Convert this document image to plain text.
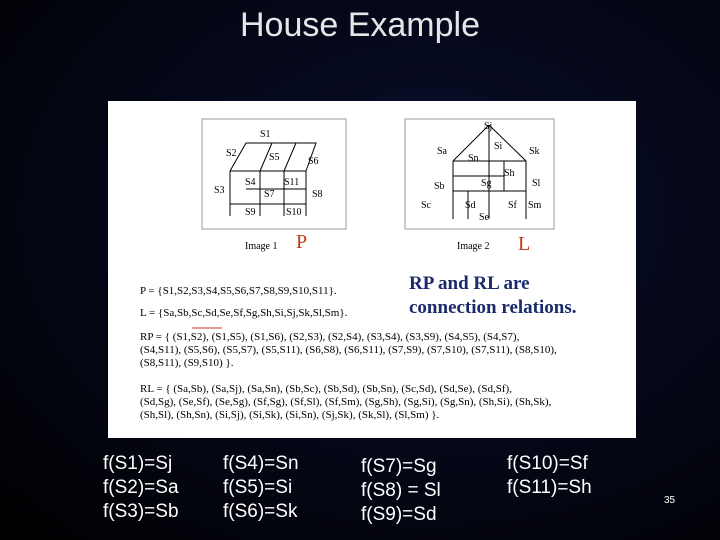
House Example
S1
S2
S3
S4
S5	S6
S7	S8
S9	S10
S11
Sj
Sa	Si	Sk
Sn
Sh
Sg
Sb	Sl
Sc	Sd	Sf Sm
Se
Image 1 P	Image 2 L
RP and RL are
connection relations.
P = {S1,S2,S3,S4,S5,S6,S7,S8,S9,S10,S11}.
L = {Sa,Sb,Sc,Sd,Se,Sf,Sg,Sh,Si,Sj,Sk,Sl,Sm}.
RP = { (S1,S2), (S1,S5), (S1,S6), (S2,S3), (S2,S4), (S3,S4), (S3,S9), (S4,S5), (S4,S7),
(S4,S11), (S5,S6), (S5,S7), (S5,S11), (S6,S8), (S6,S11), (S7,S9), (S7,S10), (S7,S11), (S8,S10),
(S8,S11), (S9,S10) }.
RL = { (Sa,Sb), (Sa,Sj), (Sa,Sn), (Sb,Sc), (Sb,Sd), (Sb,Sn), (Sc,Sd), (Sd,Se), (Sd,Sf),
(Sd,Sg), (Se,Sf), (Se,Sg), (Sf,Sg), (Sf,Sl), (Sf,Sm), (Sg,Sh), (Sg,Si), (Sg,Sn), (Sh,Si), (Sh,Sk),
(Sh,Sl), (Sh,Sn), (Si,Sj), (Si,Sk), (Si,Sn), (Sj,Sk), (Sk,Sl), (Sl,Sm) }.
f(S1)=Sj
f(S2)=Sa
f(S3)=Sb
f(S4)=Sn
f(S5)=Si
f(S6)=Sk
f(S7)=Sg
f(S8) = Sl
f(S9)=Sd
f(S10)=Sf
f(S11)=Sh
35
